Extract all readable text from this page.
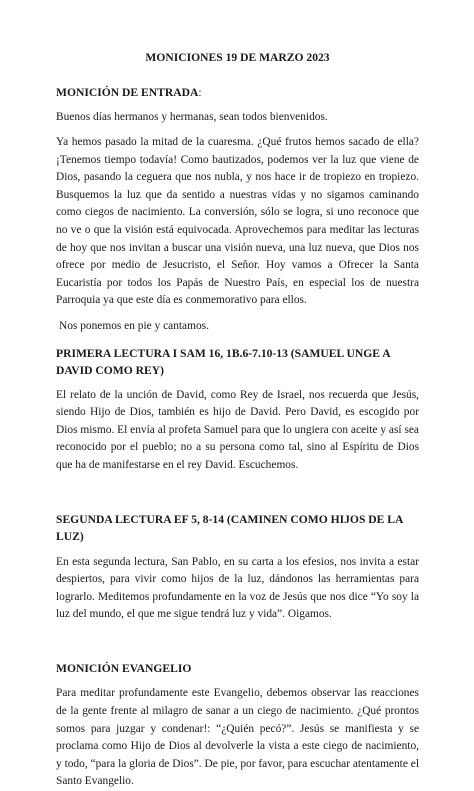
MONICIONES 19 DE MARZO 2023
MONICIÓN DE ENTRADA:

Buenos días hermanos y hermanas, sean todos bienvenidos.

Ya hemos pasado la mitad de la cuaresma. ¿Qué frutos hemos sacado de ella? ¡Tenemos tiempo todavía! Como bautizados, podemos ver la luz que viene de Dios, pasando la ceguera que nos nubla, y nos hace ir de tropiezo en tropiezo. Busquemos la luz que da sentido a nuestras vidas y no sigamos caminando como ciegos de nacimiento. La conversión, sólo se logra, si uno reconoce que no ve o que la visión está equivocada. Aprovechemos para meditar las lecturas de hoy que nos invitan a buscar una visión nueva, una luz nueva, que Dios nos ofrece por medio de Jesucristo, el Señor. Hoy vamos a Ofrecer la Santa Eucaristía por todos los Papás de Nuestro País, en especial los de nuestra Parroquia ya que este día es conmemorativo para ellos.

Nos ponemos en pie y cantamos.

PRIMERA LECTURA I SAM 16, 1B.6-7.10-13 (SAMUEL UNGE A DAVID COMO REY)

El relato de la unción de David, como Rey de Israel, nos recuerda que Jesús, siendo Hijo de Dios, también es hijo de David. Pero David, es escogido por Dios mismo. El envía al profeta Samuel para que lo ungiera con aceite y así sea reconocido por el pueblo; no a su persona como tal, sino al Espíritu de Dios que ha de manifestarse en el rey David. Escuchemos.

SEGUNDA LECTURA EF 5, 8-14 (CAMINEN COMO HIJOS DE LA LUZ)

En esta segunda lectura, San Pablo, en su carta a los efesios, nos invita a estar despiertos, para vivir como hijos de la luz, dándonos las herramientas para lograrlo. Meditemos profundamente en la voz de Jesús que nos dice “Yo soy la luz del mundo, el que me sigue tendrá luz y vida”. Oigamos.

MONICIÓN EVANGELIO

Para meditar profundamente este Evangelio, debemos observar las reacciones de la gente frente al milagro de sanar a un ciego de nacimiento. ¿Qué prontos somos para juzgar y condenar!: “¿Quién pecó?”. Jesús se manifiesta y se proclama como Hijo de Dios al devolverle la vista a este ciego de nacimiento, y todo, “para la gloria de Dios”. De pie, por favor, para escuchar atentamente el Santo Evangelio.
